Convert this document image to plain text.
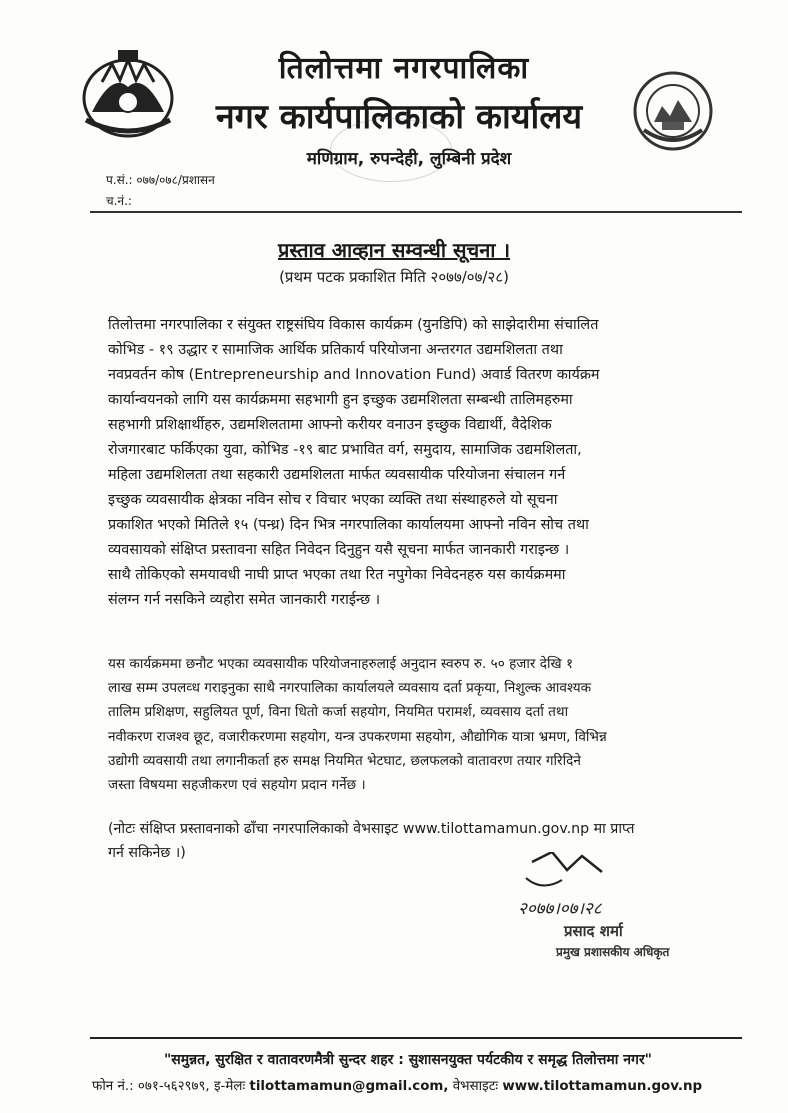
तिलोत्तमा नगरपालिका
नगर कार्यपालिकाको कार्यालय
मणिग्राम, रुपन्देही, लुम्बिनी प्रदेश
प.सं.: ०७७/०७८/प्रशासन
च.नं.:
प्रस्ताव आव्हान सम्वन्धी सूचना ।
(प्रथम पटक प्रकाशित मिति २०७७/०७/२८)
तिलोत्तमा नगरपालिका र संयुक्त राष्ट्रसंघिय विकास कार्यक्रम (युनडिपि) को साझेदारीमा संचालित
कोभिड - १९ उद्धार र सामाजिक आर्थिक प्रतिकार्य परियोजना अन्तरगत उद्यमशिलता तथा
नवप्रवर्तन कोष (Entrepreneurship and Innovation Fund) अवार्ड वितरण कार्यक्रम
कार्यान्वयनको लागि यस कार्यक्रममा सहभागी हुन इच्छुक उद्यमशिलता सम्बन्धी तालिमहरुमा
सहभागी प्रशिक्षार्थीहरु, उद्यमशिलतामा आफ्नो करीयर वनाउन इच्छुक विद्यार्थी, वैदेशिक
रोजगारबाट फर्किएका युवा, कोभिड -१९ बाट प्रभावित वर्ग, समुदाय, सामाजिक उद्यमशिलता,
महिला उद्यमशिलता तथा सहकारी उद्यमशिलता मार्फत व्यवसायीक परियोजना संचालन गर्न
इच्छुक व्यवसायीक क्षेत्रका नविन सोच र विचार भएका व्यक्ति तथा संस्थाहरुले यो सूचना
प्रकाशित भएको मितिले १५ (पन्ध्र) दिन भित्र नगरपालिका कार्यालयमा आफ्नो नविन सोच तथा
व्यवसायको संक्षिप्त प्रस्तावना सहित निवेदन दिनुहुन यसै सूचना मार्फत जानकारी गराइन्छ ।
साथै तोकिएको समयावधी नाघी प्राप्त भएका तथा रित नपुगेका निवेदनहरु यस कार्यक्रममा
संलग्न गर्न नसकिने व्यहोरा समेत जानकारी गराईन्छ ।
यस कार्यक्रममा छनौट भएका व्यवसायीक परियोजनाहरुलाई अनुदान स्वरुप रु. ५० हजार देखि १
लाख सम्म उपलव्ध गराइनुका साथै नगरपालिका कार्यालयले व्यवसाय दर्ता प्रकृया, निशुल्क आवश्यक
तालिम प्रशिक्षण, सहुलियत पूर्ण, विना धितो कर्जा सहयोग, नियमित परामर्श, व्यवसाय दर्ता तथा
नवीकरण राजश्व छूट, वजारीकरणमा सहयोग, यन्त्र उपकरणमा सहयोग, औद्योगिक यात्रा भ्रमण, विभिन्न
उद्योगी व्यवसायी तथा लगानीकर्ता हरु समक्ष नियमित भेटघाट, छलफलको वातावरण तयार गरिदिने
जस्ता विषयमा सहजीकरण एवं सहयोग प्रदान गर्नेछ ।
(नोटः संक्षिप्त प्रस्तावनाको ढाँचा नगरपालिकाको वेभसाइट www.tilottamamun.gov.np मा प्राप्त
गर्न सकिनेछ ।)
२०७७।०७।२८
प्रसाद शर्मा
प्रमुख प्रशासकीय अधिकृत
"समुन्नत, सुरक्षित र वातावरणमैत्री सुन्दर शहर : सुशासनयुक्त पर्यटकीय र समृद्ध तिलोत्तमा नगर"
फोन नं.: ०७१-५६२९७९, इ-मेलः tilottamamun@gmail.com, वेभसाइटः www.tilottamamun.gov.np
